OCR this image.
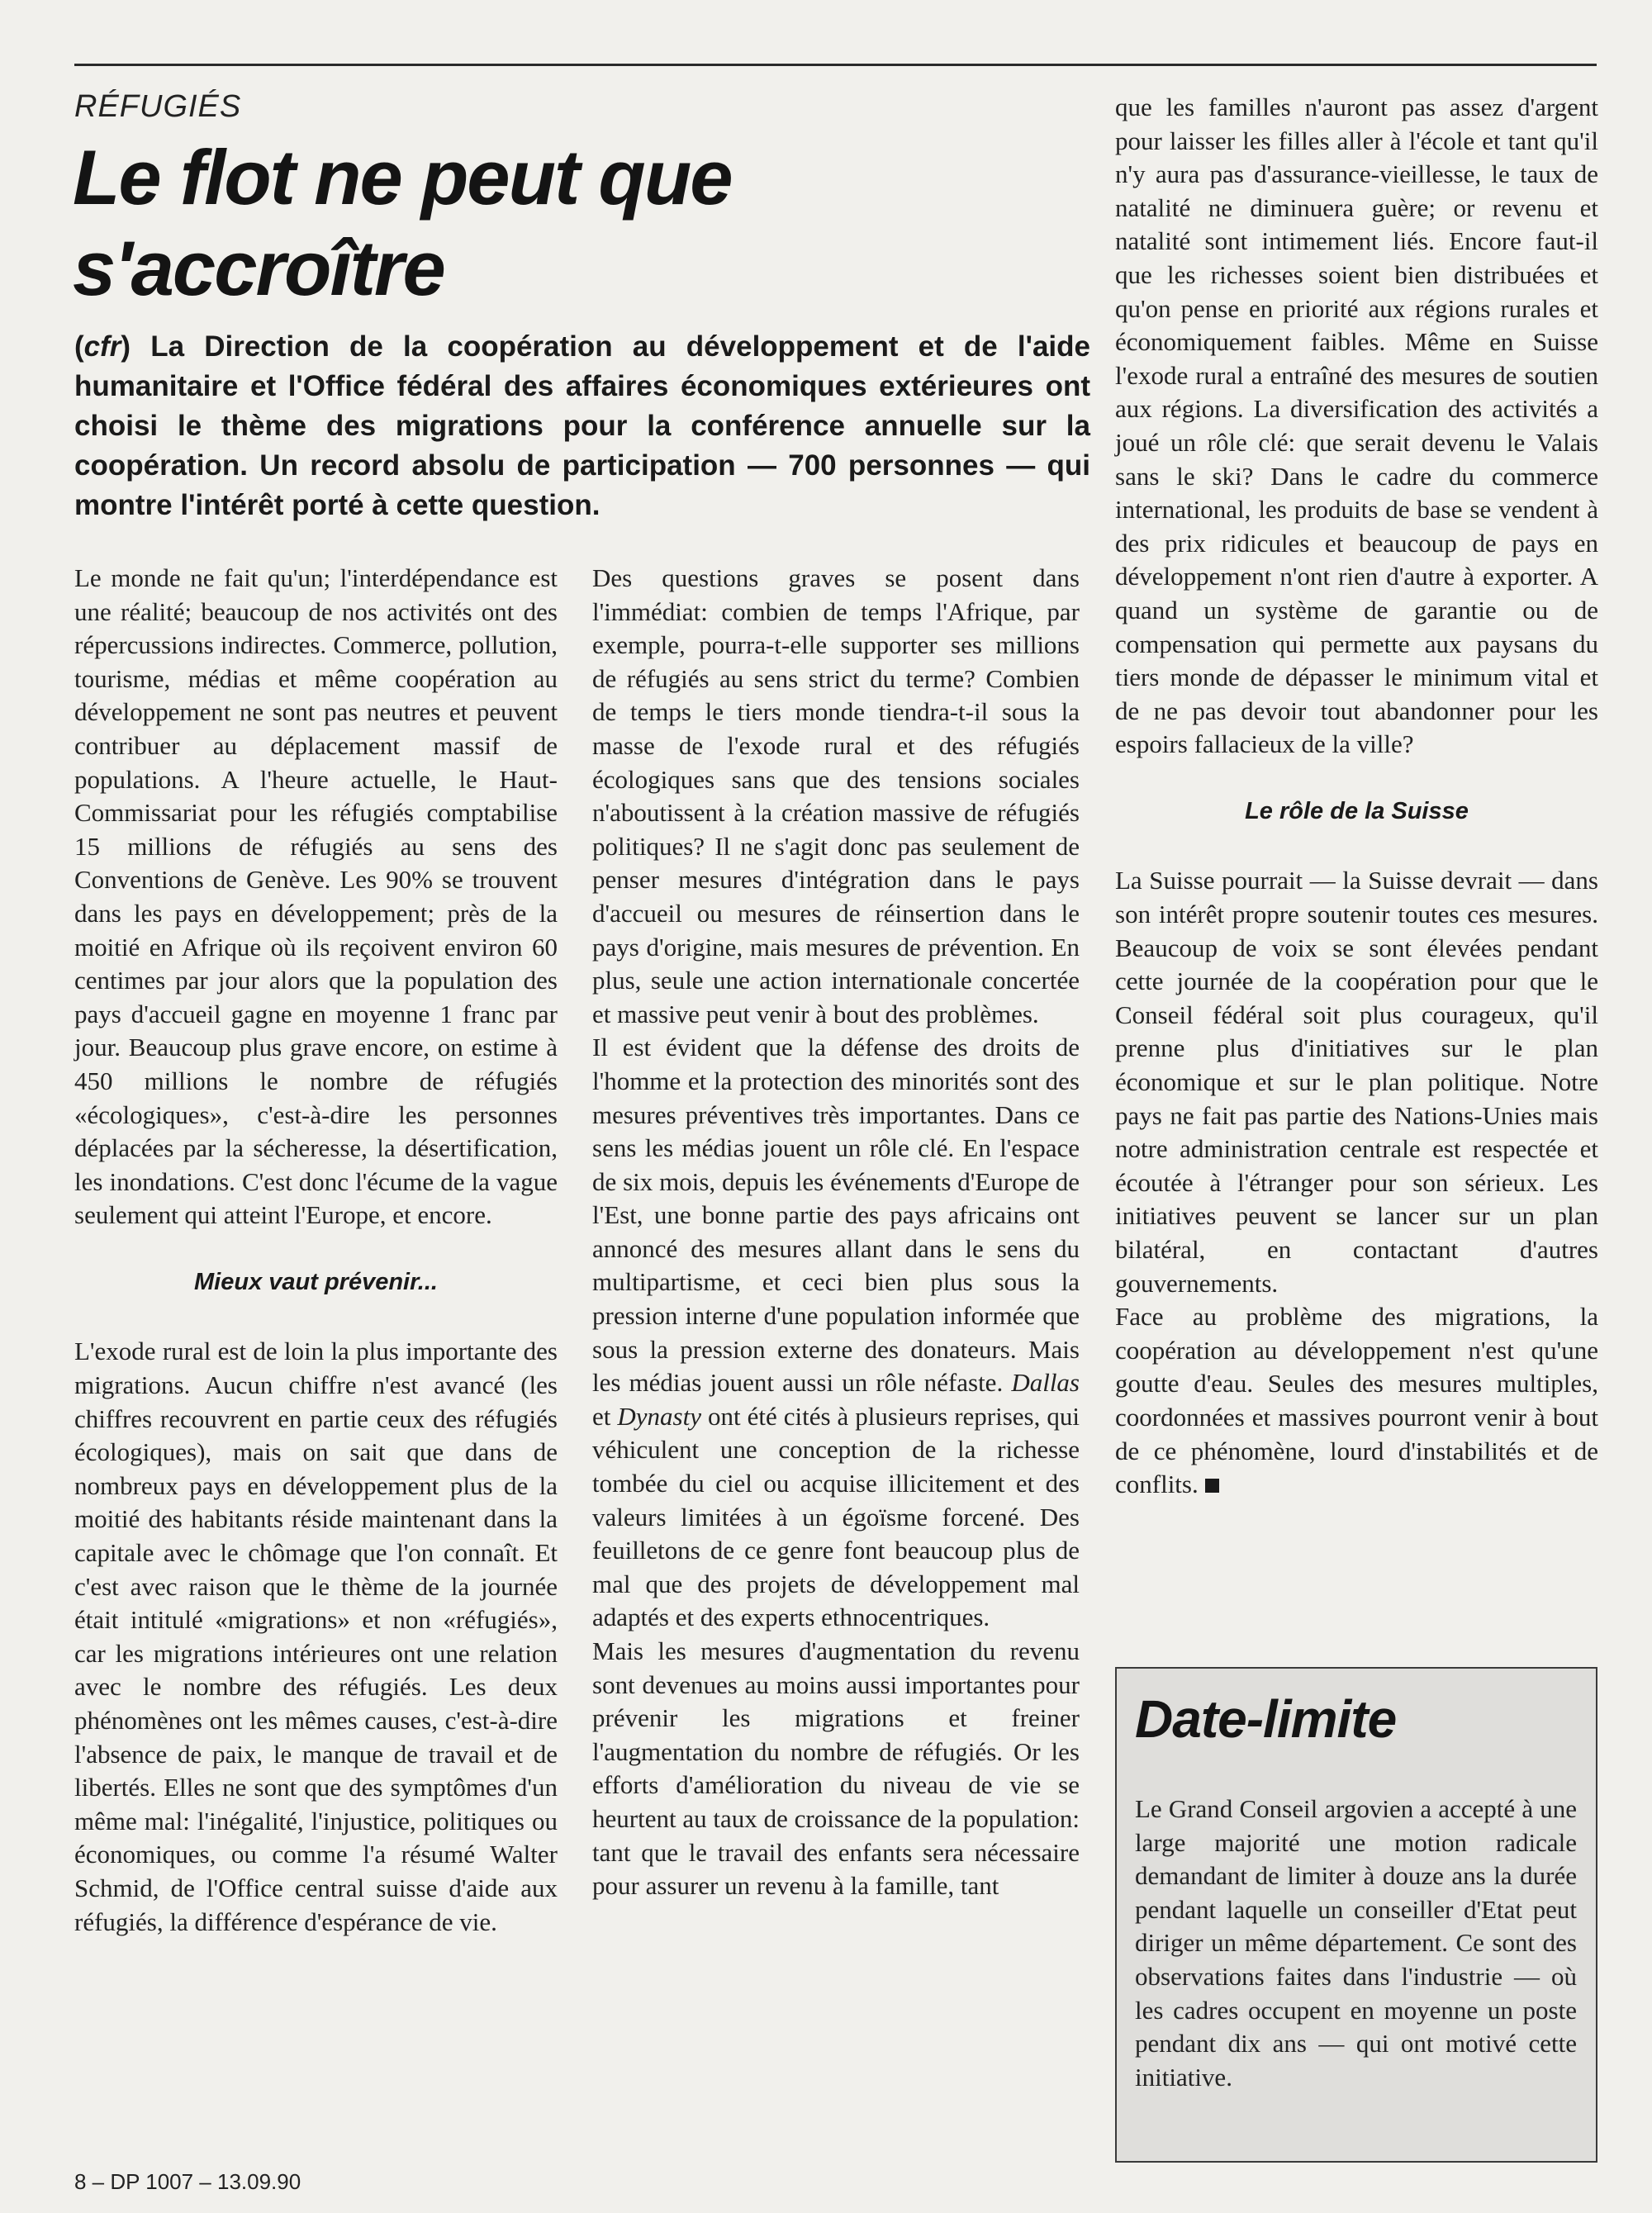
RÉFUGIÉS
Le flot ne peut que s'accroître

(cfr) La Direction de la coopération au développement et de l'aide humanitaire et l'Office fédéral des affaires économiques extérieures ont choisi le thème des migrations pour la conférence annuelle sur la coopération. Un record absolu de participation — 700 personnes — qui montre l'intérêt porté à cette question.

Le monde ne fait qu'un; l'interdépendance est une réalité; beaucoup de nos activités ont des répercussions indirectes. Commerce, pollution, tourisme, médias et même coopération au développement ne sont pas neutres et peuvent contribuer au déplacement massif de populations. A l'heure actuelle, le Haut-Commissariat pour les réfugiés comptabilise 15 millions de réfugiés au sens des Conventions de Genève. Les 90% se trouvent dans les pays en développement; près de la moitié en Afrique où ils reçoivent environ 60 centimes par jour alors que la population des pays d'accueil gagne en moyenne 1 franc par jour. Beaucoup plus grave encore, on estime à 450 millions le nombre de réfugiés «écologiques», c'est-à-dire les personnes déplacées par la sécheresse, la désertification, les inondations. C'est donc l'écume de la vague seulement qui atteint l'Europe, et encore.

Mieux vaut prévenir...

L'exode rural est de loin la plus importante des migrations. Aucun chiffre n'est avancé (les chiffres recouvrent en partie ceux des réfugiés écologiques), mais on sait que dans de nombreux pays en développement plus de la moitié des habitants réside maintenant dans la capitale avec le chômage que l'on connaît. Et c'est avec raison que le thème de la journée était intitulé «migrations» et non «réfugiés», car les migrations intérieures ont une relation avec le nombre des réfugiés. Les deux phénomènes ont les mêmes causes, c'est-à-dire l'absence de paix, le manque de travail et de libertés. Elles ne sont que des symptômes d'un même mal: l'inégalité, l'injustice, politiques ou économiques, ou comme l'a résumé Walter Schmid, de l'Office central suisse d'aide aux réfugiés, la différence d'espérance de vie.

Des questions graves se posent dans l'immédiat: combien de temps l'Afrique, par exemple, pourra-t-elle supporter ses millions de réfugiés au sens strict du terme? Combien de temps le tiers monde tiendra-t-il sous la masse de l'exode rural et des réfugiés écologiques sans que des tensions sociales n'aboutissent à la création massive de réfugiés politiques? Il ne s'agit donc pas seulement de penser mesures d'intégration dans le pays d'accueil ou mesures de réinsertion dans le pays d'origine, mais mesures de prévention. En plus, seule une action internationale concertée et massive peut venir à bout des problèmes.

Il est évident que la défense des droits de l'homme et la protection des minorités sont des mesures préventives très importantes. Dans ce sens les médias jouent un rôle clé. En l'espace de six mois, depuis les événements d'Europe de l'Est, une bonne partie des pays africains ont annoncé des mesures allant dans le sens du multipartisme, et ceci bien plus sous la pression interne d'une population informée que sous la pression externe des donateurs. Mais les médias jouent aussi un rôle néfaste. Dallas et Dynasty ont été cités à plusieurs reprises, qui véhiculent une conception de la richesse tombée du ciel ou acquise illicitement et des valeurs limitées à un égoïsme forcené. Des feuilletons de ce genre font beaucoup plus de mal que des projets de développement mal adaptés et des experts ethnocentriques.

Mais les mesures d'augmentation du revenu sont devenues au moins aussi importantes pour prévenir les migrations et freiner l'augmentation du nombre de réfugiés. Or les efforts d'amélioration du niveau de vie se heurtent au taux de croissance de la population: tant que le travail des enfants sera nécessaire pour assurer un revenu à la famille, tant

que les familles n'auront pas assez d'argent pour laisser les filles aller à l'école et tant qu'il n'y aura pas d'assurance-vieillesse, le taux de natalité ne diminuera guère; or revenu et natalité sont intimement liés. Encore faut-il que les richesses soient bien distribuées et qu'on pense en priorité aux régions rurales et économiquement faibles. Même en Suisse l'exode rural a entraîné des mesures de soutien aux régions. La diversification des activités a joué un rôle clé: que serait devenu le Valais sans le ski? Dans le cadre du commerce international, les produits de base se vendent à des prix ridicules et beaucoup de pays en développement n'ont rien d'autre à exporter. A quand un système de garantie ou de compensation qui permette aux paysans du tiers monde de dépasser le minimum vital et de ne pas devoir tout abandonner pour les espoirs fallacieux de la ville?

Le rôle de la Suisse

La Suisse pourrait — la Suisse devrait — dans son intérêt propre soutenir toutes ces mesures. Beaucoup de voix se sont élevées pendant cette journée de la coopération pour que le Conseil fédéral soit plus courageux, qu'il prenne plus d'initiatives sur le plan économique et sur le plan politique. Notre pays ne fait pas partie des Nations-Unies mais notre administration centrale est respectée et écoutée à l'étranger pour son sérieux. Les initiatives peuvent se lancer sur un plan bilatéral, en contactant d'autres gouvernements.

Face au problème des migrations, la coopération au développement n'est qu'une goutte d'eau. Seules des mesures multiples, coordonnées et massives pourront venir à bout de ce phénomène, lourd d'instabilités et de conflits.

Date-limite

Le Grand Conseil argovien a accepté à une large majorité une motion radicale demandant de limiter à douze ans la durée pendant laquelle un conseiller d'Etat peut diriger un même département. Ce sont des observations faites dans l'industrie — où les cadres occupent en moyenne un poste pendant dix ans — qui ont motivé cette initiative.

8 – DP 1007 – 13.09.90
